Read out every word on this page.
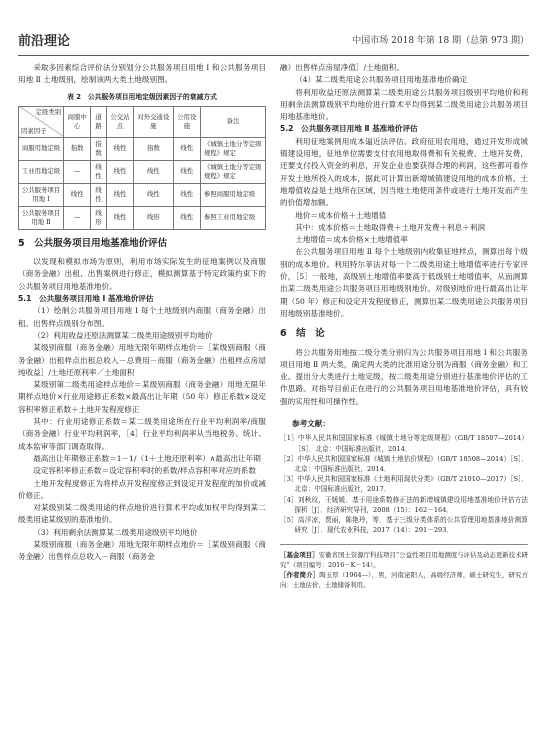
前沿理论	中国市场 2018 年第 18 期（总第 973 期）

采取多因素综合评价法分别划分公共服务项目用地 Ⅰ 和公共服务项目用地 Ⅱ 土地级别，绘制该两大类土地级别图。

表 2　公共服务项目用地定级因素因子的衰减方式
定级类别
因素因子	商服中心	道路	公交站点	对外交通设施	公用设施	备注
商服用地定级	指数	指数	线性	指数	线性	《城镇土地分等定级规程》规定
工业用地定级	—	线性	线性	线性	线性	《城镇土地分等定级规程》规定
公共服务项目用地 Ⅰ	线性	线性	线性	线性	线性	参照商服用地定级
公共服务项目用地 Ⅱ	—	线形	线性	线形	线性	参照工业用地定级
5　公共服务项目用地基准地价评估

以发现和模拟市场为原则，利用市场实际发生的征地案例以及商服（商务金融）出租、出售案例进行修正，模拟测算基于特定政策约束下的公共服务项目用地基准地价。

5.1　公共服务项目用地 Ⅰ 基准地价评估

（1）绘制公共服务项目用地 Ⅰ 每个土地级别内商服（商务金融）出租、出售样点级别分布图。

（2）利用收益还原法测算某二级类用途级别平均地价

某级别商服（商务金融）用地无限年期样点地价＝［某级别商服（商务金融）出租样点出租总收入－总费用－商服（商务金融）出租样点房屋纯收益］/土地还原利率／土地面积

某级别第二级类用途样点地价＝某级别商服（商务金融）用地无限年期样点地价×行业用途修正系数×最高出让年期（50 年）修正系数×设定容积率修正系数＋土地开发程度修正

其中：行业用途修正系数＝某二级类用途所在行业平均利润率/商服（商务金融）行业平均利润率，［4］行业平均利润率从当地税务、统计、成本监审等部门调查取得。

最高出让年期修正系数＝1－1/（1＋土地还原利率）∧最高出让年期

设定容积率修正系数＝设定容积率时的系数/样点容积率对应的系数

土地开发程度修正为将样点开发程度修正到设定开发程度的加价或减价修正。

对某级别某二级类用途的样点地价进行算术平均或加权平均得到某二级类用途某级别的基准地价。

（3）利用剩余法测算某二级类用途级别平均地价

某级别商服（商务金融）用地无限年期样点地价＝［某级别商服（商务金融）出售样点总收入－商服（商务金

融）出售样点房屋净值］/土地面积。

（4）某二级类用途公共服务项目用地基准地价确定

将利用收益还原法测算某二级类用途公共服务项目级别平均地价和利用剩余法测算级别平均地价进行算术平均得到某二级类用途公共服务项目用地基准地价。

5.2　公共服务项目用地 Ⅱ 基准地价评估

利用征地案例用成本逼近法评估。政府征用农用地，通过开发形成城镇建设用地，征地单位需要支付农用地取得费和有关税费、土地开发费，还要支付投入资金的利息，开发企业也要获得合理的利润，这些都可看作开发土地所投入的成本，据此可计算出新增城镇建设用地的成本价格。土地增值收益是土地所在区域，因当地土地使用条件或进行土地开发而产生的价值增加额。

地价＝成本价格＋土地增值

其中：成本价格＝土地取得费＋土地开发费＋利息＋利润

土地增值＝成本价格×土地增值率

在公共服务项目用地 Ⅱ 每个土地级别内收集征地样点，测算出每个级别的成本地价。利用特尔菲法对每一个二级类用途土地增值率进行专家评价，［5］一般地，高级别土地增值率要高于低级别土地增值率，从而测算出某二级类用途公共服务项目用地级别地价。对级别地价进行最高出让年期（50 年）修正和设定开发程度修正，测算出某二级类用途公共服务项目用地级别基准地价。

6　结　论

将公共服务用地按二级分类分别归为公共服务项目用地 Ⅰ 和公共服务项目用地 Ⅱ 两大类，确定两大类的比准用途分别为商服（商务金融）和工业。提出分大类进行土地定级，按二级类用途分别进行基准地价评估的工作思路。对指导目前正在进行的公共服务项目用地基准地价评估，具有较强的实用性和可操作性。

参考文献：

［1］中华人民共和国国家标准《城镇土地分等定级规程》（GB/T 18507—2014）［S］．北京：中国标准出版社，2014．

［2］中华人民共和国国家标准《城镇土地估价规程》（GB/T 18508—2014）［S］．北京：中国标准出版社，2014．

［3］中华人民共和国国家标准《土地利用现状分类》（GB/T 21010—2017）［S］．北京：中国标准出版社，2017．

［4］刘秋玫，王媛媛．基于用途系数修正法的新增城镇建设用地基准地价评估方法探析［J］．经济研究导刊，2008（15）：162－164．

［5］高洋凉，贾丽，陈艳玲，等．基于三级分类体系的公共管理用地基准地价测算研究［J］．现代农业科技，2017（14）：291－293．

［基金项目］安徽省国土资源厅科技项目“公益性项目用地测度与评估及动态更新技术研究”（项目编号：2016－K－14）。

［作者简介］陶玉厚（1964—），男，河南泌阳人，高级经济师，硕士研究生，研究方向：土地估价、土地储备利用。
